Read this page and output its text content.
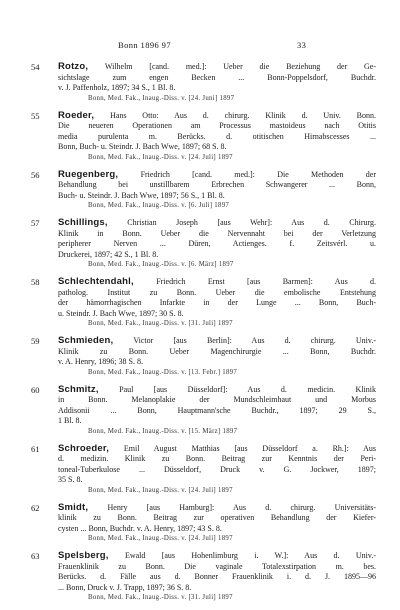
Bonn 1896 97	33
54 Rotzo, Wilhelm [cand. med.]: Ueber die Beziehung der Ge-
sichtslage zum engen Becken ... Bonn-Poppelsdorf, Buchdr.
v. J. Paffenholz, 1897; 34 S., 1 Bl. 8.
Bonn, Med. Fak., Inaug.-Diss. v. [24. Juni] 1897
55 Roeder, Hans Otto: Aus d. chirurg. Klinik d. Univ. Bonn.
Die neueren Operationen am Processus mastoideus nach Otitis
media purulenta m. Berücks. d. otitischen Hirnabscesses ...
Bonn, Buch- u. Steindr. J. Bach Wwe, 1897; 68 S. 8.
Bonn, Med. Fak., Inaug.-Diss. v. [24. Juli] 1897
56 Ruegenberg,	Friedrich [cand. med.]: Die Methoden der
Behandlung bei unstillbarem Erbrechen Schwangerer ... Bonn,
Buch- u. Steindr. J. Bach Wwe, 1897; 56 S., 1 Bl. 8.
Bonn, Med. Fak., Inaug.-Diss. v. [6. Juli] 1897
57 Schillings, Christian Joseph [aus Wehr]: Aus d. Chirurg.
Klinik in Bonn. Ueber die Nervennaht bei der Verletzung
peripherer Nerven ... Düren, Actienges. f. Zeitsvérl. u.
Druckerei, 1897; 42 S., 1 Bl. 8.
Bonn, Med. Fak., Inaug.-Diss. v. [6. März] 1897
58 Schlechtendahl,	Friedrich Ernst [aus Barmen]: Aus d.
patholog. Institut zu Bonn. Ueber die embolische Entstehung
der hämorrhagischen Infarkte in der Lunge ... Bonn, Buch-
u. Steindr. J. Bach Wwe, 1897; 30 S. 8.
Bonn, Med. Fak., Inaug.-Diss. v. [31. Juli] 1897
59 Schmieden,	Victor [aus Berlin]: Aus d. chirurg. Univ.-
Klinik zu Bonn. Ueber Magenchirurgie ... Bonn, Buchdr.
v. A. Henry, 1896; 38 S. 8.
Bonn, Med. Fak., Inaug.-Diss. v. [13. Febr.] 1897
60 Schmitz,	Paul [aus Düsseldorf]: Aus d. medicin. Klinik
in Bonn. Melanoplakie der Mundschleimhaut und Morbus
Addisonii ... Bonn, Hauptmann'sche Buchdr., 1897; 29 S.,
1 Bl. 8.
Bonn, Med. Fak., Inaug.-Diss. v. [15. März] 1897
61 Schroeder, Emil August Matthias [aus Düsseldorf a. Rh.]: Aus
d. medizin. Klinik zu Bonn. Beitrag zur Kenntnis der Peri-
toneal-Tuberkulose ... Düsseldorf, Druck v. G. Jockwer, 1897;
35 S. 8.
Bonn, Med. Fak., Inaug.-Diss. v. [24. Juli] 1897
62 Smidt, Henry [aus Hamburg]: Aus d. chirurg. Universitäts-
klinik zu Bonn. Beitrag zur operativen Behandlung der Kiefer-
cysten ... Bonn, Buchdr. v. A. Henry, 1897; 43 S. 8.
Bonn, Med. Fak., Inaug.-Diss. v. [24. Juli] 1897
63 Spelsberg, Ewald [aus Hohenlimburg i. W.]: Aus d. Univ.-
Frauenklinik zu Bonn. Die vaginale Totalexstirpation m. bes.
Berücks. d. Fälle aus d. Bonner Frauenklinik i. d. J. 1895—96
... Bonn, Druck v. J. Trapp, 1897; 36 S. 8.
Bonn, Med. Fak., Inaug.-Diss. v. [31. Juli] 1897
